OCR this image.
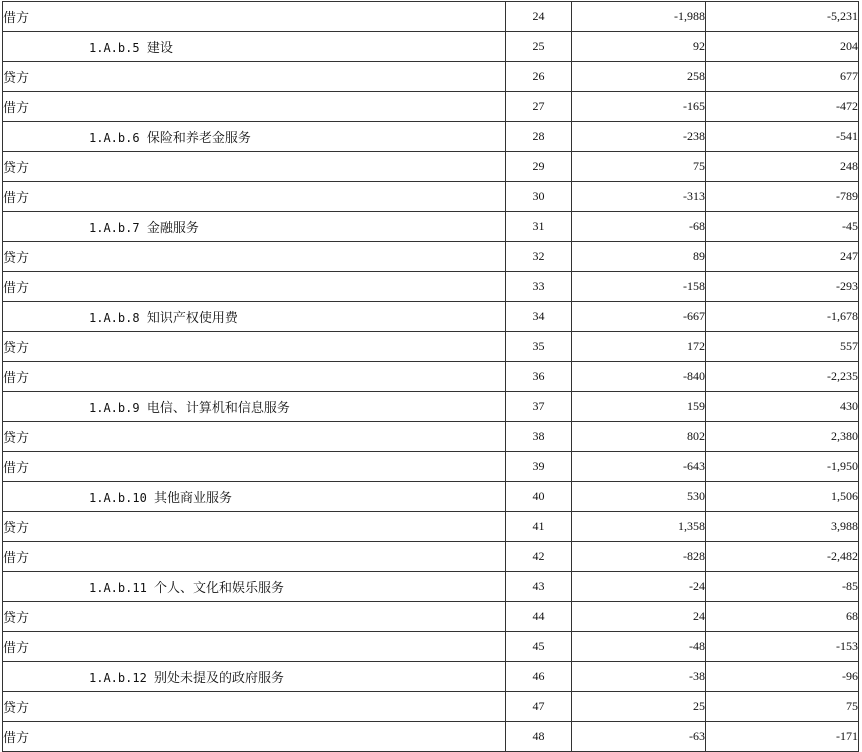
借方	24	-1,988	-5,231
1.A.b.5 建设	25	92	204
贷方	26	258	677
借方	27	-165	-472
1.A.b.6 保险和养老金服务	28	-238	-541
贷方	29	75	248
借方	30	-313	-789
1.A.b.7 金融服务	31	-68	-45
贷方	32	89	247
借方	33	-158	-293
1.A.b.8 知识产权使用费	34	-667	-1,678
贷方	35	172	557
借方	36	-840	-2,235
1.A.b.9 电信、计算机和信息服务	37	159	430
贷方	38	802	2,380
借方	39	-643	-1,950
1.A.b.10 其他商业服务	40	530	1,506
贷方	41	1,358	3,988
借方	42	-828	-2,482
1.A.b.11 个人、文化和娱乐服务	43	-24	-85
贷方	44	24	68
借方	45	-48	-153
1.A.b.12 别处未提及的政府服务	46	-38	-96
贷方	47	25	75
借方	48	-63	-171
